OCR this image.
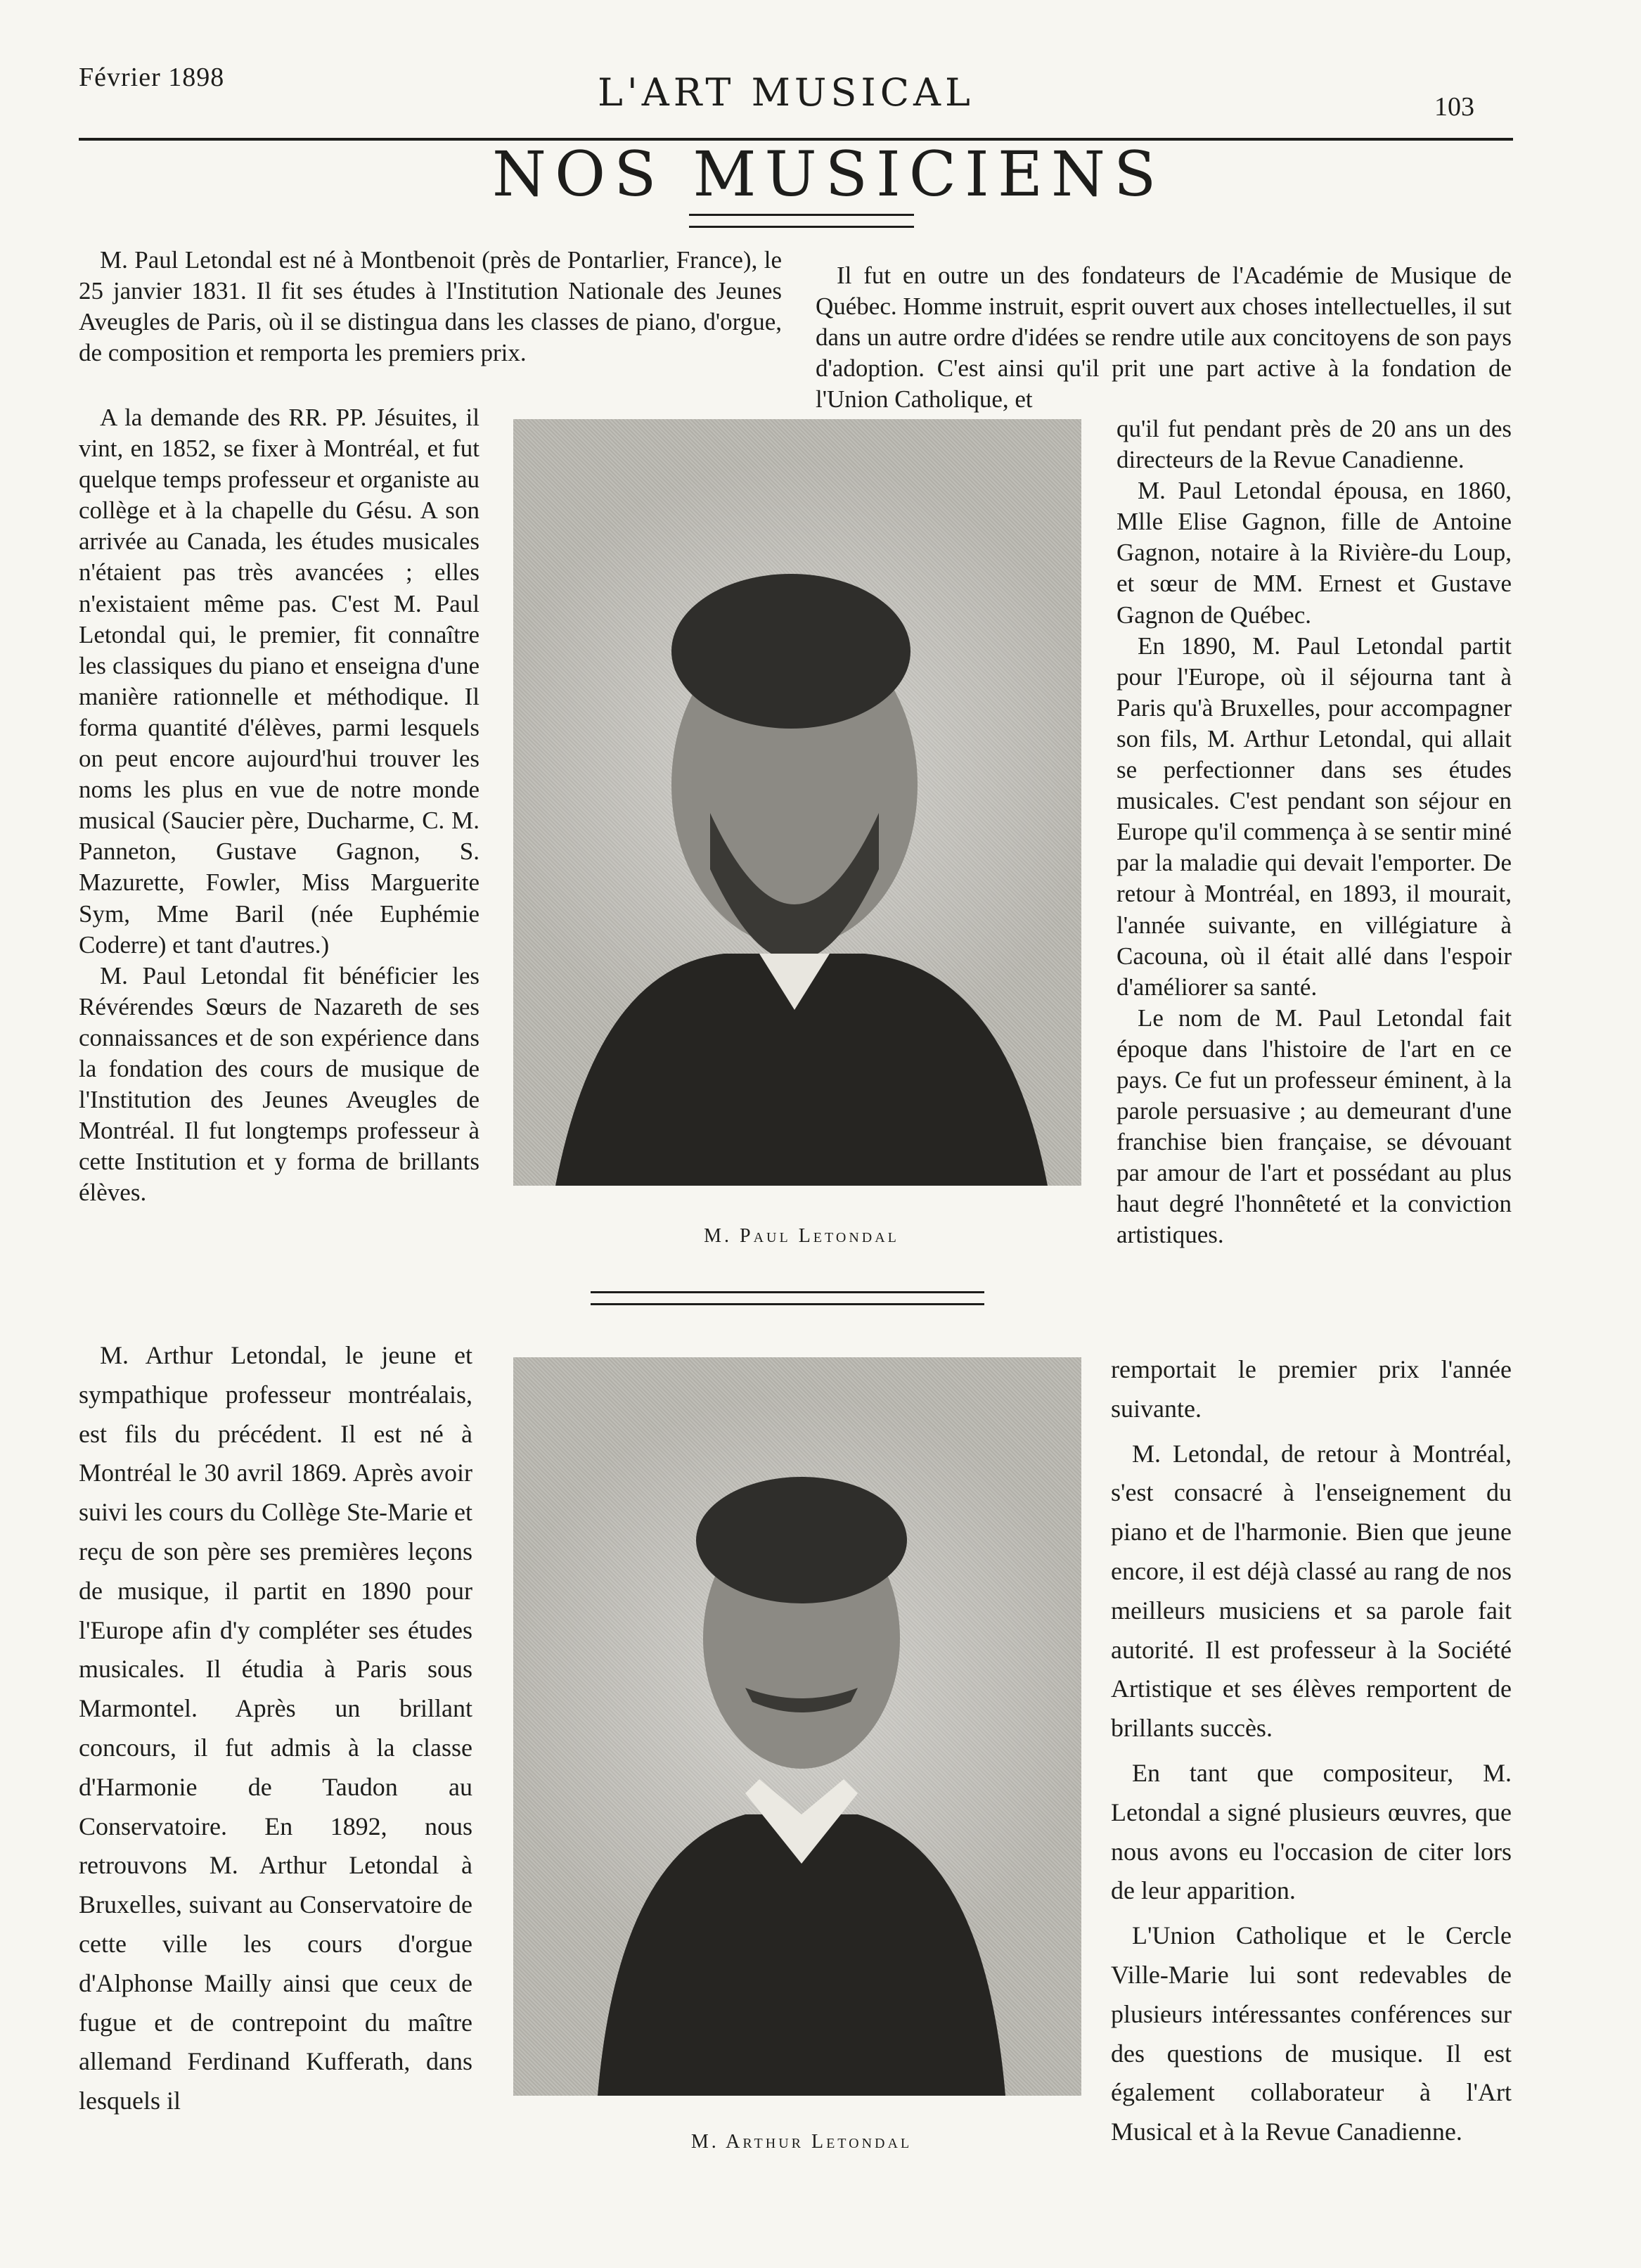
Février 1898	L'ART MUSICAL	103
NOS MUSICIENS

M. Paul Letondal est né à Montbenoit (près de Pontarlier, France), le 25 janvier 1831. Il fit ses études à l'Institution Nationale des Jeunes Aveugles de Paris, où il se distingua dans les classes de piano, d'orgue, de composition et remporta les premiers prix.

A la demande des RR. PP. Jésuites, il vint, en 1852, se fixer à Montréal, et fut quelque temps professeur et organiste au collège et à la chapelle du Gésu. A son arrivée au Canada, les études musicales n'étaient pas très avancées ; elles n'existaient même pas. C'est M. Paul Letondal qui, le premier, fit connaître les classiques du piano et enseigna d'une manière rationnelle et méthodique. Il forma quantité d'élèves, parmi lesquels on peut encore aujourd'hui trouver les noms les plus en vue de notre monde musical (Saucier père, Ducharme, C. M. Panneton, Gustave Gagnon, S. Mazurette, Fowler, Miss Marguerite Sym, Mme Baril (née Euphémie Coderre) et tant d'autres.)

M. Paul Letondal fit bénéficier les Révérendes Sœurs de Nazareth de ses connaissances et de son expérience dans la fondation des cours de musique de l'Institution des Jeunes Aveugles de Montréal. Il fut longtemps professeur à cette Institution et y forma de brillants élèves.

M. Paul Letondal

Il fut en outre un des fondateurs de l'Académie de Musique de Québec. Homme instruit, esprit ouvert aux choses intellectuelles, il sut dans un autre ordre d'idées se rendre utile aux concitoyens de son pays d'adoption. C'est ainsi qu'il prit une part active à la fondation de l'Union Catholique, et

qu'il fut pendant près de 20 ans un des directeurs de la Revue Canadienne.

M. Paul Letondal épousa, en 1860, Mlle Elise Gagnon, fille de Antoine Gagnon, notaire à la Rivière-du Loup, et sœur de MM. Ernest et Gustave Gagnon de Québec.

En 1890, M. Paul Letondal partit pour l'Europe, où il séjourna tant à Paris qu'à Bruxelles, pour accompagner son fils, M. Arthur Letondal, qui allait se perfectionner dans ses études musicales. C'est pendant son séjour en Europe qu'il commença à se sentir miné par la maladie qui devait l'emporter. De retour à Montréal, en 1893, il mourait, l'année suivante, en villégiature à Cacouna, où il était allé dans l'espoir d'améliorer sa santé.

Le nom de M. Paul Letondal fait époque dans l'histoire de l'art en ce pays. Ce fut un professeur éminent, à la parole persuasive ; au demeurant d'une franchise bien française, se dévouant par amour de l'art et possédant au plus haut degré l'honnêteté et la conviction artistiques.

M. Arthur Letondal, le jeune et sympathique professeur montréalais, est fils du précédent. Il est né à Montréal le 30 avril 1869. Après avoir suivi les cours du Collège Ste-Marie et reçu de son père ses premières leçons de musique, il partit en 1890 pour l'Europe afin d'y compléter ses études musicales. Il étudia à Paris sous Marmontel. Après un brillant concours, il fut admis à la classe d'Harmonie de Taudon au Conservatoire. En 1892, nous retrouvons M. Arthur Letondal à Bruxelles, suivant au Conservatoire de cette ville les cours d'orgue d'Alphonse Mailly ainsi que ceux de fugue et de contrepoint du maître allemand Ferdinand Kufferath, dans lesquels il

M. Arthur Letondal

remportait le premier prix l'année suivante.

M. Letondal, de retour à Montréal, s'est consacré à l'enseignement du piano et de l'harmonie. Bien que jeune encore, il est déjà classé au rang de nos meilleurs musiciens et sa parole fait autorité. Il est professeur à la Société Artistique et ses élèves remportent de brillants succès.

En tant que compositeur, M. Letondal a signé plusieurs œuvres, que nous avons eu l'occasion de citer lors de leur apparition.

L'Union Catholique et le Cercle Ville-Marie lui sont redevables de plusieurs intéressantes conférences sur des questions de musique. Il est également collaborateur à l'Art Musical et à la Revue Canadienne.
